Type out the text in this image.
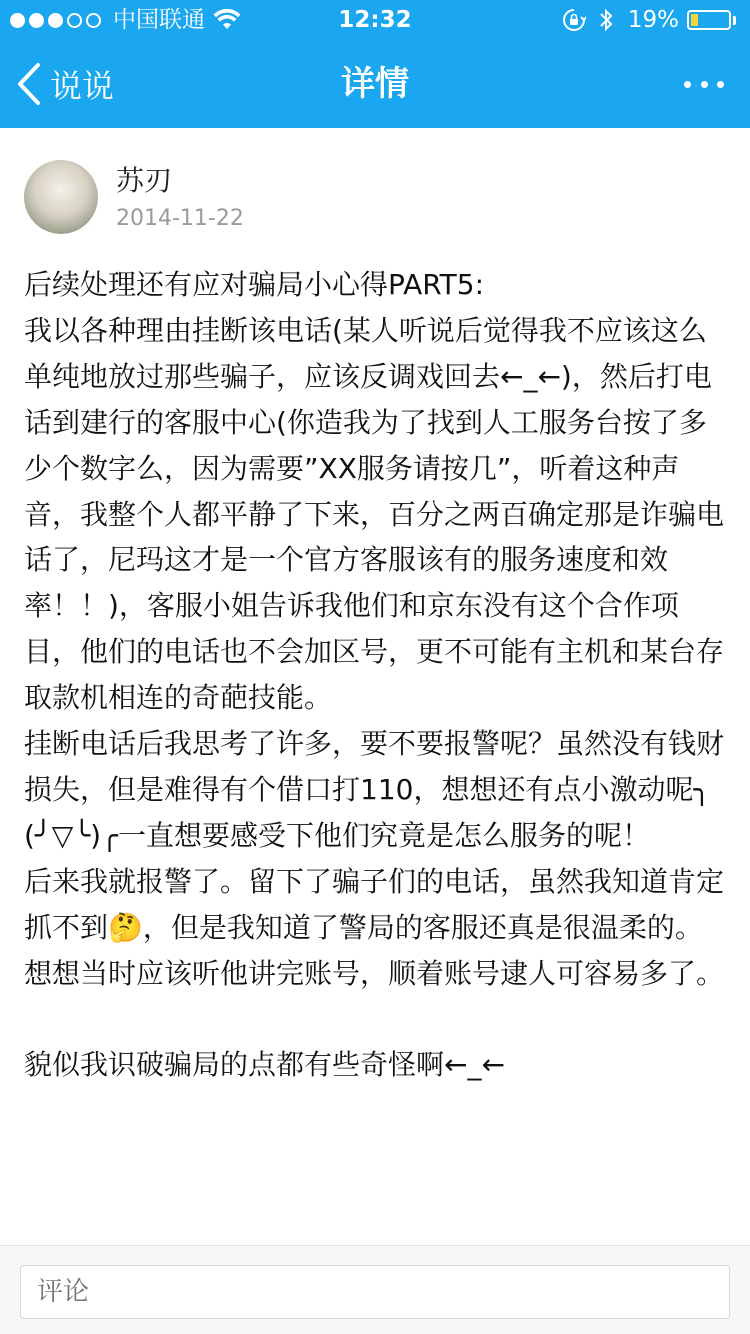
中国联通	12:32	19%
说说	详情
苏刃
2014-11-22

后续处理还有应对骗局小心得PART5:

我以各种理由挂断该电话(某人听说后觉得我不应该这么单纯地放过那些骗子，应该反调戏回去←_←)，然后打电话到建行的客服中心(你造我为了找到人工服务台按了多少个数字么，因为需要”XX服务请按几”，听着这种声音，我整个人都平静了下来，百分之两百确定那是诈骗电话了，尼玛这才是一个官方客服该有的服务速度和效率！！)，客服小姐告诉我他们和京东没有这个合作项目，他们的电话也不会加区号，更不可能有主机和某台存取款机相连的奇葩技能。

挂断电话后我思考了许多，要不要报警呢？虽然没有钱财损失，但是难得有个借口打110，想想还有点小激动呢╮(╯▽╰)╭一直想要感受下他们究竟是怎么服务的呢！

后来我就报警了。留下了骗子们的电话，虽然我知道肯定抓不到🤔，但是我知道了警局的客服还真是很温柔的。想想当时应该听他讲完账号，顺着账号逮人可容易多了。

貌似我识破骗局的点都有些奇怪啊←_←

评论
